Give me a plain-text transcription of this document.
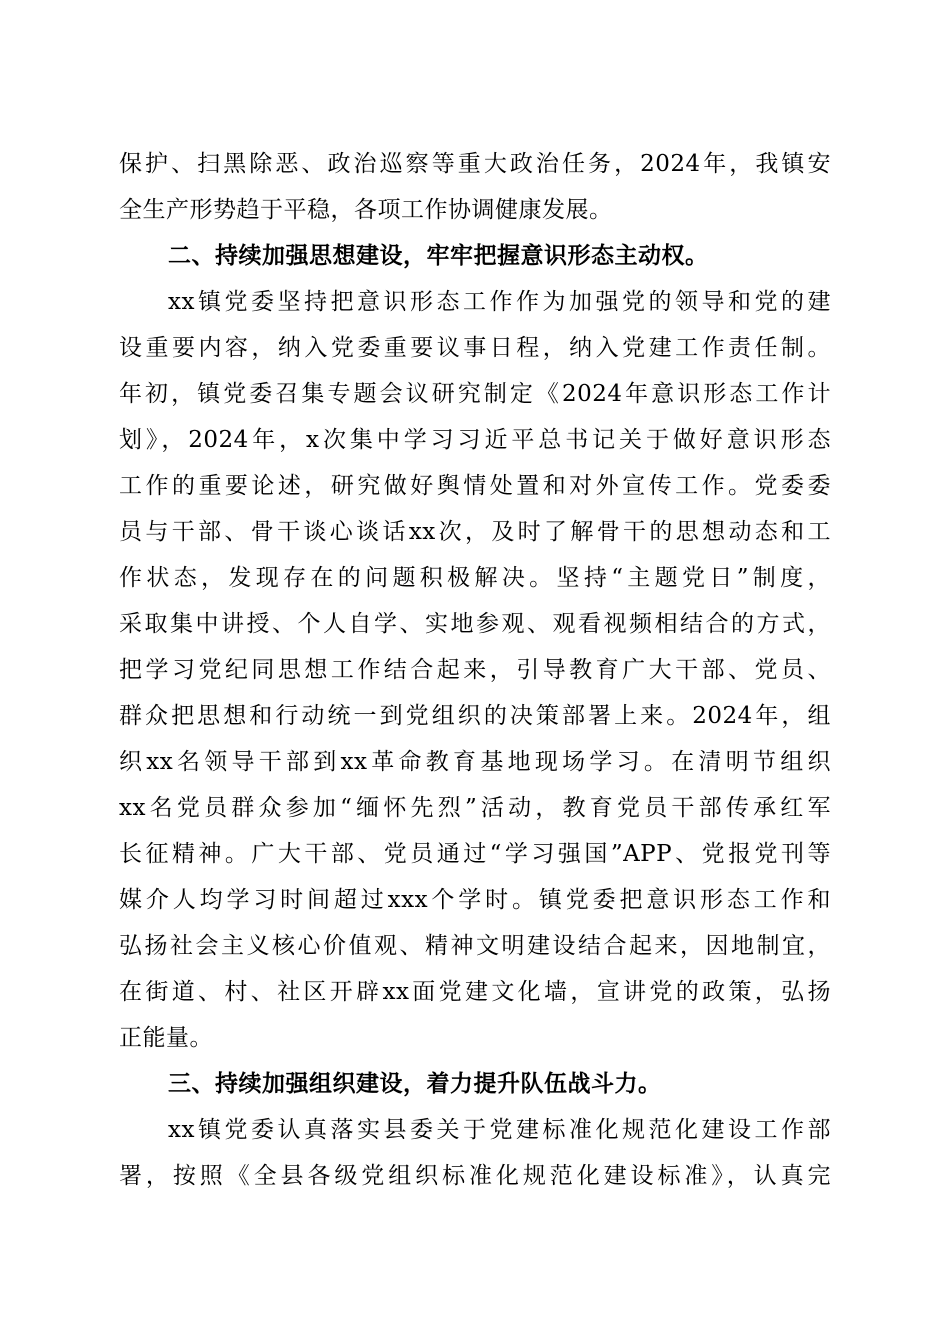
保护、扫黑除恶、政治巡察等重大政治任务，2024年，我镇安
全生产形势趋于平稳，各项工作协调健康发展。
二、持续加强思想建设，牢牢把握意识形态主动权。
xx镇党委坚持把意识形态工作作为加强党的领导和党的建
设重要内容，纳入党委重要议事日程，纳入党建工作责任制。
年初，镇党委召集专题会议研究制定《2024年意识形态工作计
划》，2024年，x次集中学习习近平总书记关于做好意识形态
工作的重要论述，研究做好舆情处置和对外宣传工作。党委委
员与干部、骨干谈心谈话xx次，及时了解骨干的思想动态和工
作状态，发现存在的问题积极解决。坚持“主题党日”制度，
采取集中讲授、个人自学、实地参观、观看视频相结合的方式，
把学习党纪同思想工作结合起来，引导教育广大干部、党员、
群众把思想和行动统一到党组织的决策部署上来。2024年，组
织xx名领导干部到xx革命教育基地现场学习。在清明节组织
xx名党员群众参加“缅怀先烈”活动，教育党员干部传承红军
长征精神。广大干部、党员通过“学习强国”APP、党报党刊等
媒介人均学习时间超过xxx个学时。镇党委把意识形态工作和
弘扬社会主义核心价值观、精神文明建设结合起来，因地制宜，
在街道、村、社区开辟xx面党建文化墙，宣讲党的政策，弘扬
正能量。
三、持续加强组织建设，着力提升队伍战斗力。
xx镇党委认真落实县委关于党建标准化规范化建设工作部
署，按照《全县各级党组织标准化规范化建设标准》，认真完
